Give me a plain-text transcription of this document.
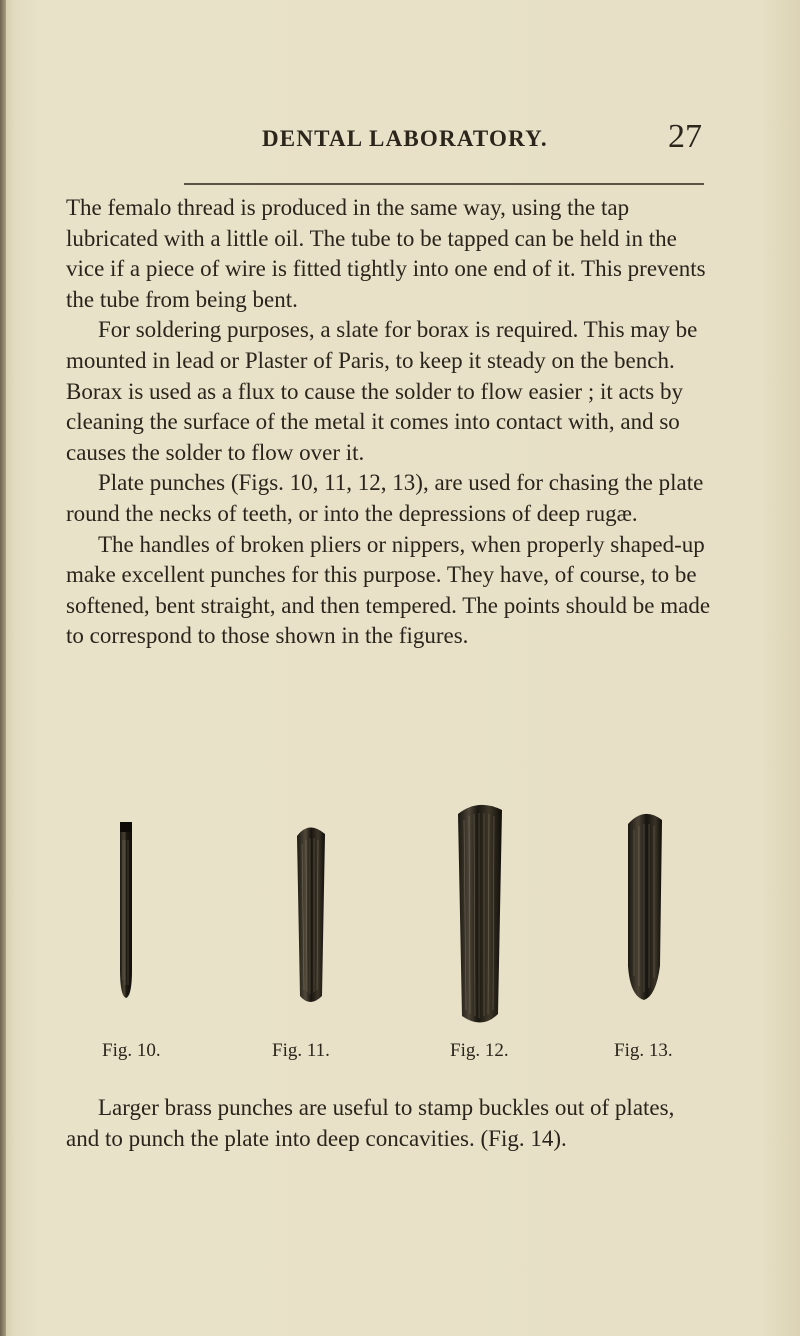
DENTAL LABORATORY.	27

The femalo thread is produced in the same way, using the tap lubricated with a little oil. The tube to be tapped can be held in the vice if a piece of wire is fitted tightly into one end of it. This prevents the tube from being bent.

For soldering purposes, a slate for borax is required. This may be mounted in lead or Plaster of Paris, to keep it steady on the bench. Borax is used as a flux to cause the solder to flow easier ; it acts by cleaning the surface of the metal it comes into contact with, and so causes the solder to flow over it.

Plate punches (Figs. 10, 11, 12, 13), are used for chasing the plate round the necks of teeth, or into the depressions of deep rugæ.

The handles of broken pliers or nippers, when properly shaped-up make excellent punches for this purpose. They have, of course, to be softened, bent straight, and then tempered. The points should be made to correspond to those shown in the figures.

Fig. 10.	Fig. 11.	Fig. 12.	Fig. 13.

Larger brass punches are useful to stamp buckles out of plates, and to punch the plate into deep concavities. (Fig. 14).
